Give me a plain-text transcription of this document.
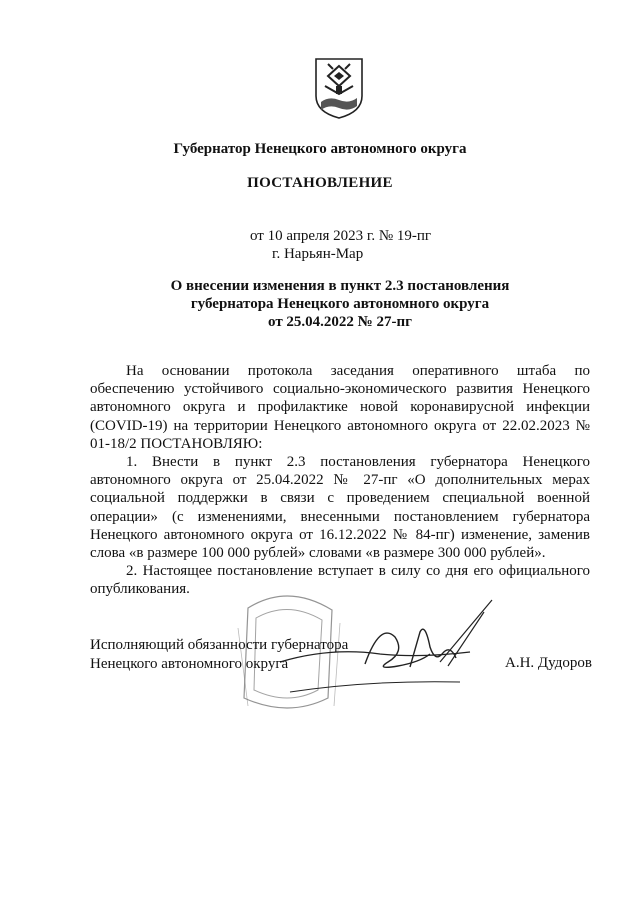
Губернатор Ненецкого автономного округа
ПОСТАНОВЛЕНИЕ
от 10 апреля 2023 г. № 19-пг
г. Нарьян-Мар
О внесении изменения в пункт 2.3 постановления
губернатора Ненецкого автономного округа
от 25.04.2022 № 27-пг

На основании протокола заседания оперативного штаба по обеспечению устойчивого социально-экономического развития Ненецкого автономного округа и профилактике новой коронавирусной инфекции (COVID-19) на территории Ненецкого автономного округа от 22.02.2023 № 01-18/2 ПОСТАНОВЛЯЮ:

1. Внести в пункт 2.3 постановления губернатора Ненецкого автономного округа от 25.04.2022 № 27-пг «О дополнительных мерах социальной поддержки в связи с проведением специальной военной операции» (с изменениями, внесенными постановлением губернатора Ненецкого автономного округа от 16.12.2022 № 84-пг) изменение, заменив слова «в размере 100 000 рублей» словами «в размере 300 000 рублей».

2. Настоящее постановление вступает в силу со дня его официального опубликования.

Исполняющий обязанности губернатора
Ненецкого автономного округа	А.Н. Дудоров
